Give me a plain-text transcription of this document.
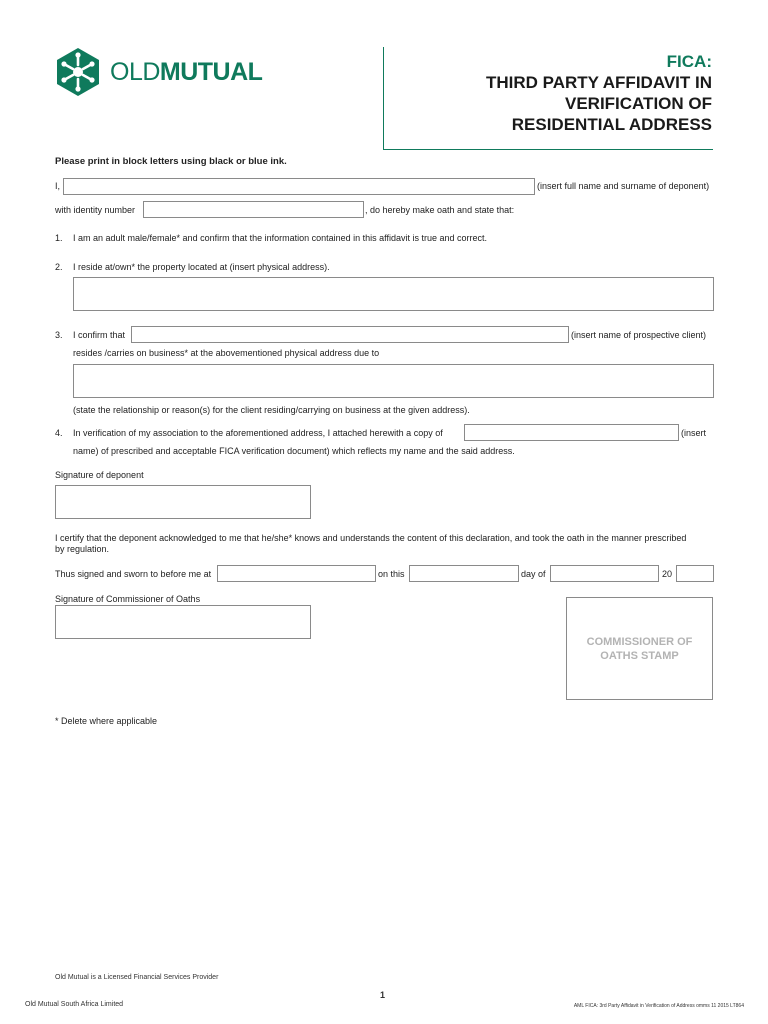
OLDMUTUAL	FICA:
THIRD PARTY AFFIDAVIT IN
VERIFICATION OF
RESIDENTIAL ADDRESS
Please print in block letters using black or blue ink.
I,	(insert full name and surname of deponent)
with identity number	, do hereby make oath and state that:
1. I am an adult male/female* and confirm that the information contained in this affidavit is true and correct.
2. I reside at/own* the property located at (insert physical address).
3. I confirm that	(insert name of prospective client)
resides /carries on business* at the abovementioned physical address due to
(state the relationship or reason(s) for the client residing/carrying on business at the given address).
4. In verification of my association to the aforementioned address, I attached herewith a copy of	(insert
name) of prescribed and acceptable FICA verification document) which reflects my name and the said address.
Signature of deponent
I certify that the deponent acknowledged to me that he/she* knows and understands the content of this declaration, and took the oath in the manner prescribed
by regulation.
Thus signed and sworn to before me at	on this	day of	20
Signature of Commissioner of Oaths
COMMISSIONER OF
OATHS STAMP
* Delete where applicable
Old Mutual is a Licensed Financial Services Provider
Old Mutual South Africa Limited
1
AML FICA: 3rd Party Affidavit in Verification of Address omms 11 2015 LT864
